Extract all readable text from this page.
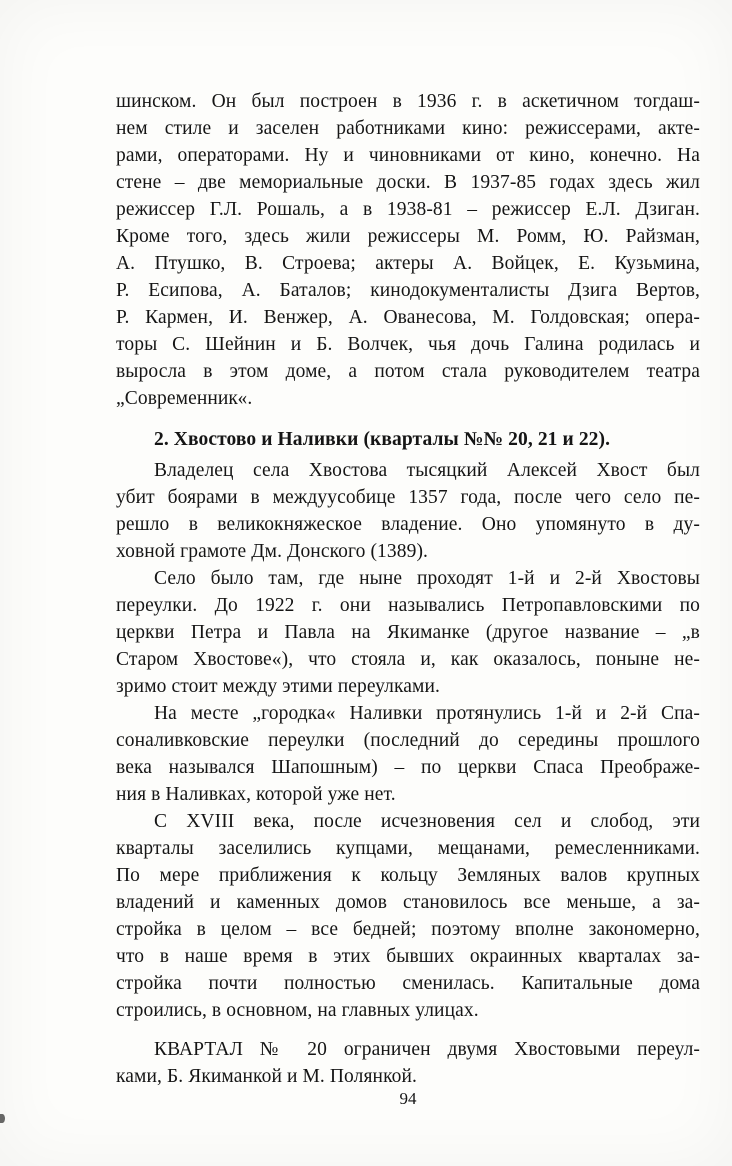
шинском. Он был построен в 1936 г. в аскетичном тогдаш-
нем стиле и заселен работниками кино: режиссерами, акте-
рами, операторами. Ну и чиновниками от кино, конечно. На
стене – две мемориальные доски. В 1937-85 годах здесь жил
режиссер Г.Л. Рошаль, а в 1938-81 – режиссер Е.Л. Дзиган.
Кроме того, здесь жили режиссеры М. Ромм, Ю. Райзман,
А. Птушко, В. Строева; актеры А. Войцек, Е. Кузьмина,
Р. Есипова, А. Баталов; кинодокументалисты Дзига Вертов,
Р. Кармен, И. Венжер, А. Ованесова, М. Голдовская; опера-
торы С. Шейнин и Б. Волчек, чья дочь Галина родилась и
выросла в этом доме, а потом стала руководителем театра
„Современник«.
2. Хвостово и Наливки (кварталы №№ 20, 21 и 22).
Владелец села Хвостова тысяцкий Алексей Хвост был
убит боярами в междуусобице 1357 года, после чего село пе-
решло в великокняжеское владение. Оно упомянуто в ду-
ховной грамоте Дм. Донского (1389).
Село было там, где ныне проходят 1-й и 2-й Хвостовы
переулки. До 1922 г. они назывались Петропавловскими по
церкви Петра и Павла на Якиманке (другое название – „в
Старом Хвостове«), что стояла и, как оказалось, поныне не-
зримо стоит между этими переулками.
На месте „городка« Наливки протянулись 1-й и 2-й Спа-
соналивковские переулки (последний до середины прошлого
века назывался Шапошным) – по церкви Спаса Преображе-
ния в Наливках, которой уже нет.
С XVIII века, после исчезновения сел и слобод, эти
кварталы заселились купцами, мещанами, ремесленниками.
По мере приближения к кольцу Земляных валов крупных
владений и каменных домов становилось все меньше, а за-
стройка в целом – все бедней; поэтому вполне закономерно,
что в наше время в этих бывших окраинных кварталах за-
стройка почти полностью сменилась. Капитальные дома
строились, в основном, на главных улицах.
КВАРТАЛ № 20 ограничен двумя Хвостовыми переул-
ками, Б. Якиманкой и М. Полянкой.
94
